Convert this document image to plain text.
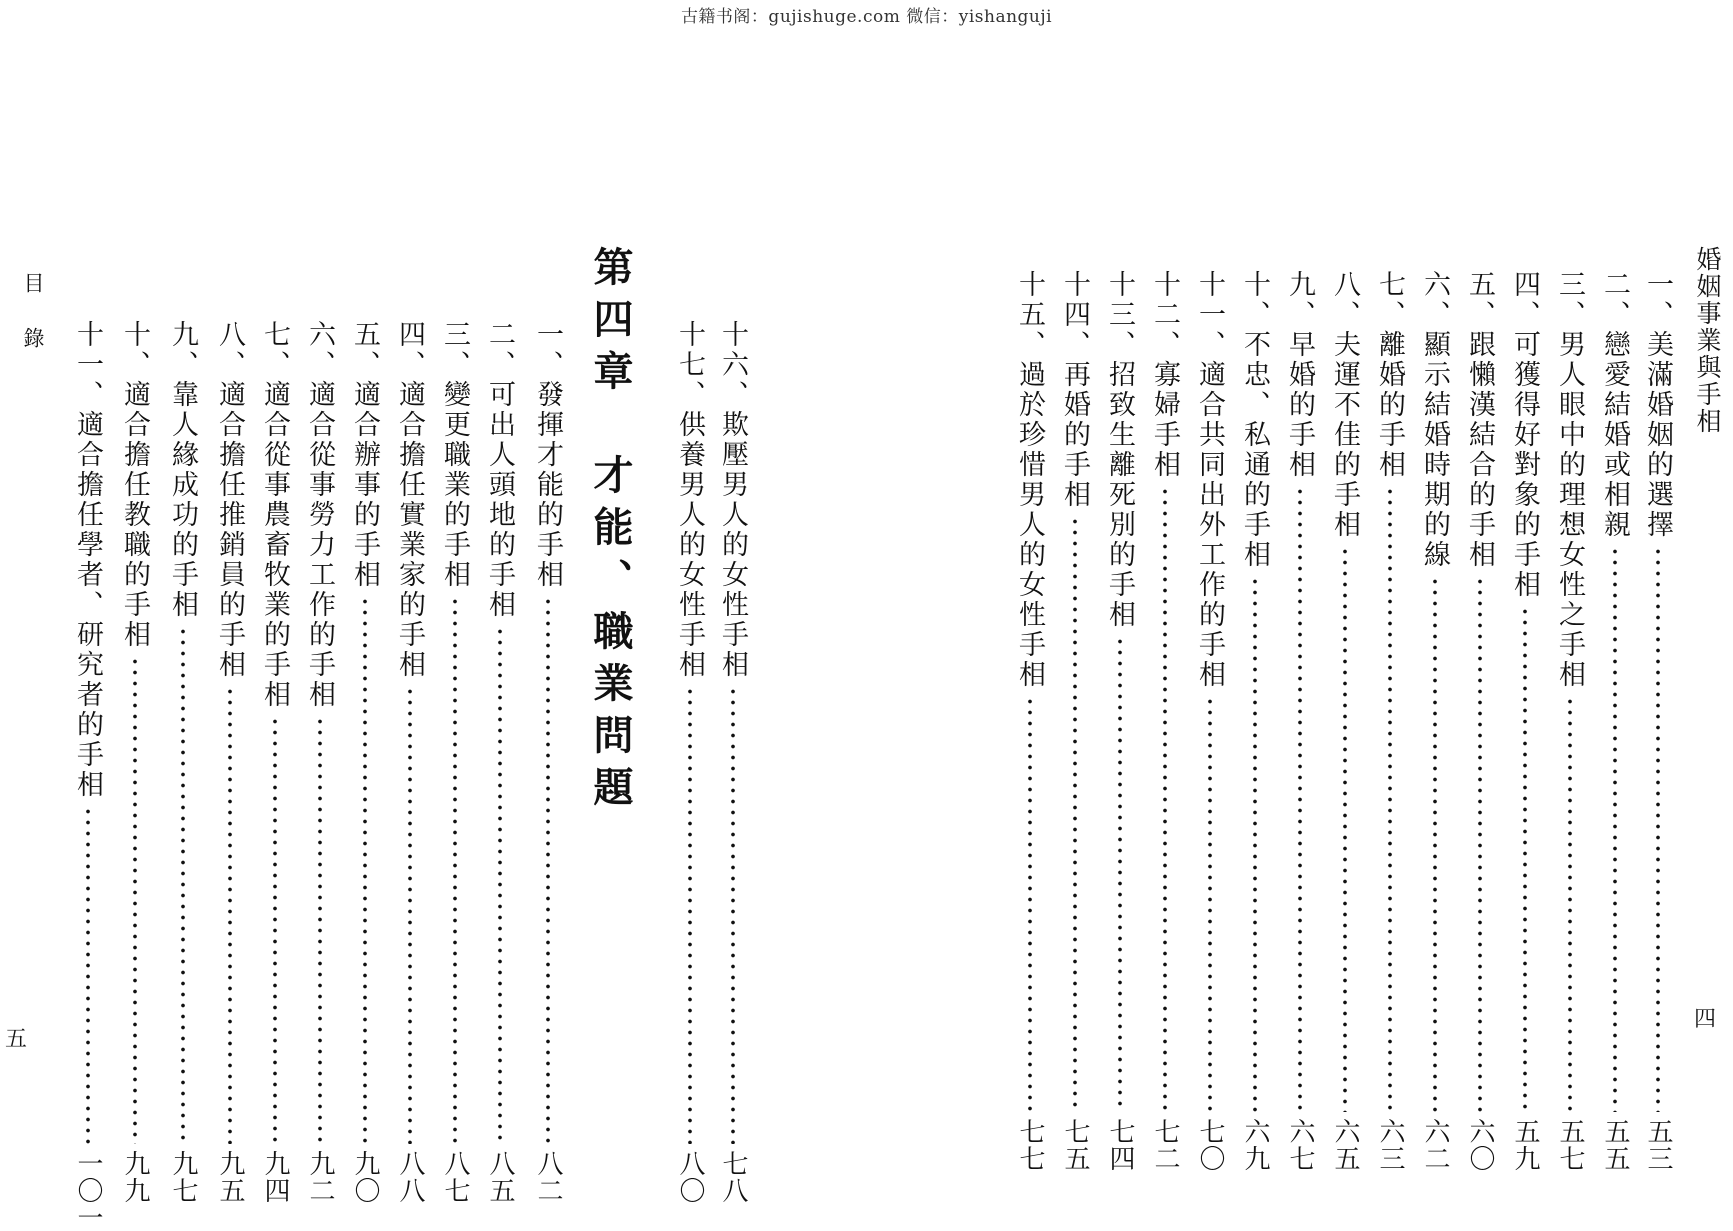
古籍书阁：gujishuge.com 微信：yishanguji
婚姻事業與手相
四
一、美滿婚姻的選擇
五三
二、戀愛結婚或相親
五五
三、男人眼中的理想女性之手相
五七
四、可獲得好對象的手相
五九
五、跟懶漢結合的手相
六〇
六、顯示結婚時期的線
六二
七、離婚的手相
六三
八、夫運不佳的手相
六五
九、早婚的手相
六七
十、不忠、私通的手相
六九
十一、適合共同出外工作的手相
七〇
十二、寡婦手相
七二
十三、招致生離死別的手相
七四
十四、再婚的手相
七五
十五、過於珍惜男人的女性手相
七七
目錄
五
第四章　才能、職業問題	十六、欺壓男人的女性手相
七八
十七、供養男人的女性手相
八〇
一、發揮才能的手相
八二
二、可出人頭地的手相
八五
三、變更職業的手相
八七
四、適合擔任實業家的手相
八八
五、適合辦事的手相
九〇
六、適合從事勞力工作的手相
九二
七、適合從事農畜牧業的手相
九四
八、適合擔任推銷員的手相
九五
九、靠人緣成功的手相
九七
十、適合擔任教職的手相
九九
十一、適合擔任學者、研究者的手相
一〇一
